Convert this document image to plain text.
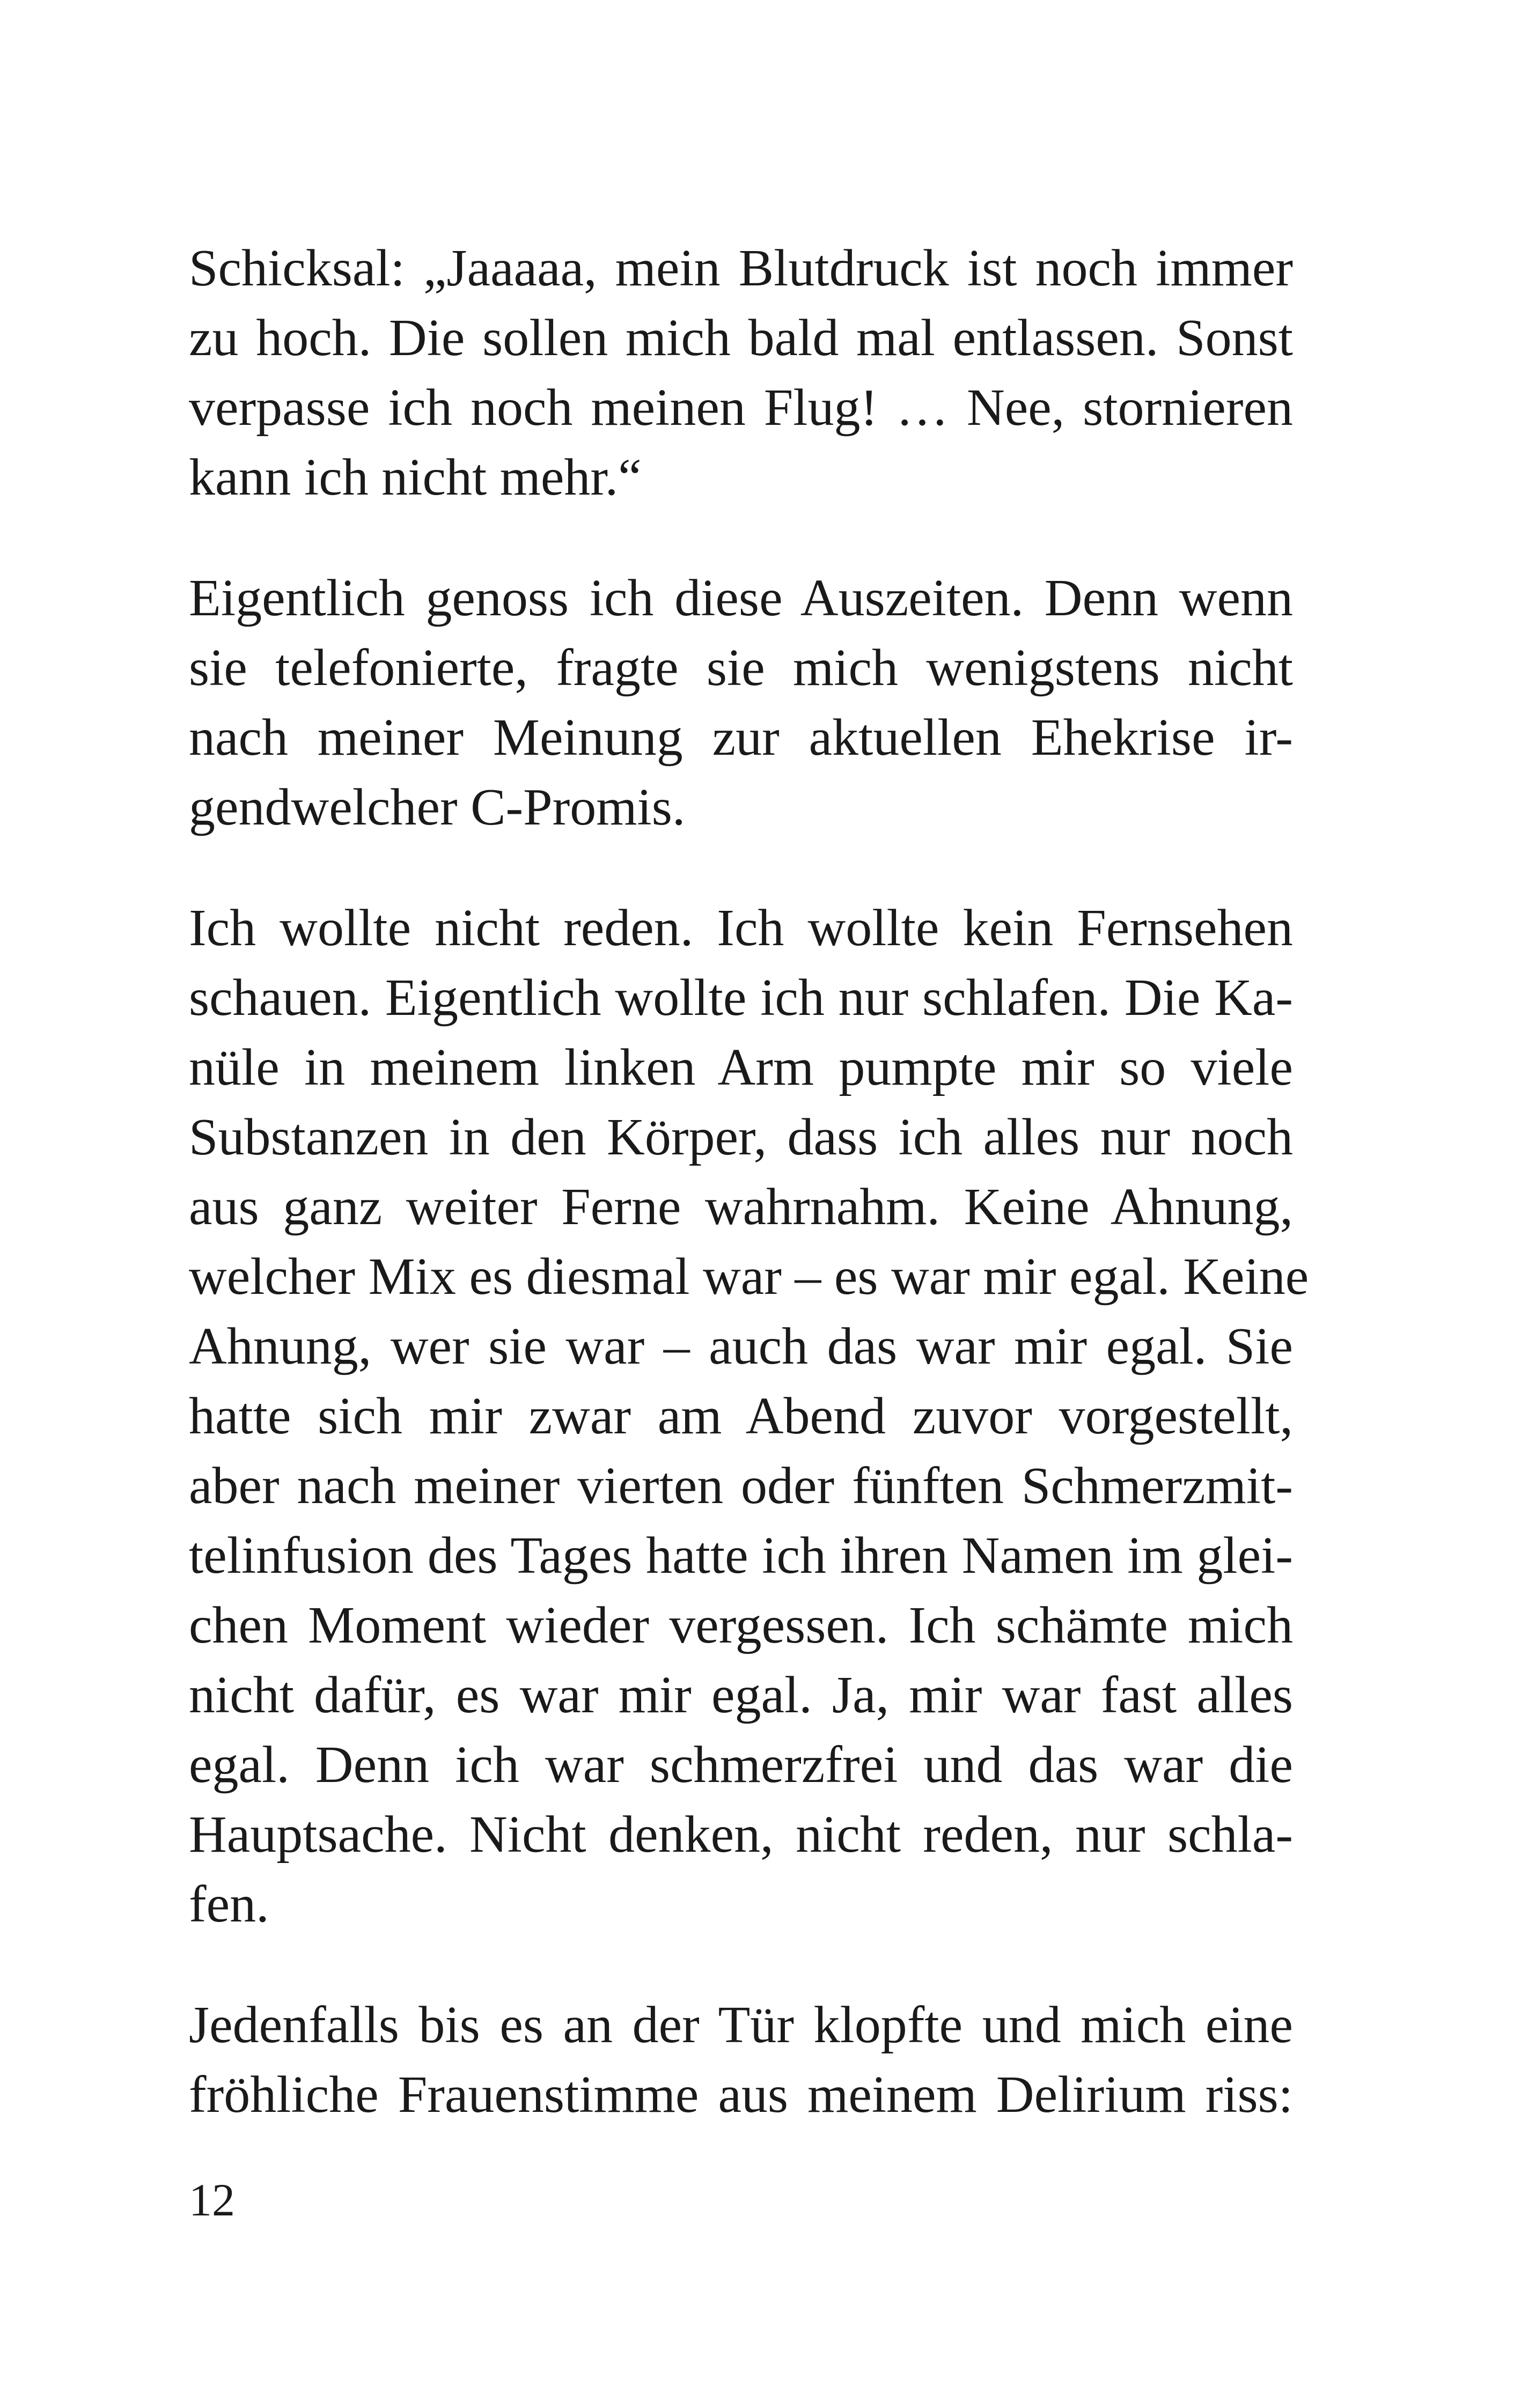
Schicksal: „Jaaaaa, mein Blutdruck ist noch immer
zu hoch. Die sollen mich bald mal entlassen. Sonst
verpasse ich noch meinen Flug! … Nee, stornieren
kann ich nicht mehr.“
Eigentlich genoss ich diese Auszeiten. Denn wenn
sie telefonierte, fragte sie mich wenigstens nicht
nach meiner Meinung zur aktuellen Ehekrise ir-
gendwelcher C-Promis.
Ich wollte nicht reden. Ich wollte kein Fernsehen
schauen. Eigentlich wollte ich nur schlafen. Die Ka-
nüle in meinem linken Arm pumpte mir so viele
Substanzen in den Körper, dass ich alles nur noch
aus ganz weiter Ferne wahrnahm. Keine Ahnung,
welcher Mix es diesmal war – es war mir egal. Keine
Ahnung, wer sie war – auch das war mir egal. Sie
hatte sich mir zwar am Abend zuvor vorgestellt,
aber nach meiner vierten oder fünften Schmerzmit-
telinfusion des Tages hatte ich ihren Namen im glei-
chen Moment wieder vergessen. Ich schämte mich
nicht dafür, es war mir egal. Ja, mir war fast alles
egal. Denn ich war schmerzfrei und das war die
Hauptsache. Nicht denken, nicht reden, nur schla-
fen.
Jedenfalls bis es an der Tür klopfte und mich eine
fröhliche Frauenstimme aus meinem Delirium riss:
12
